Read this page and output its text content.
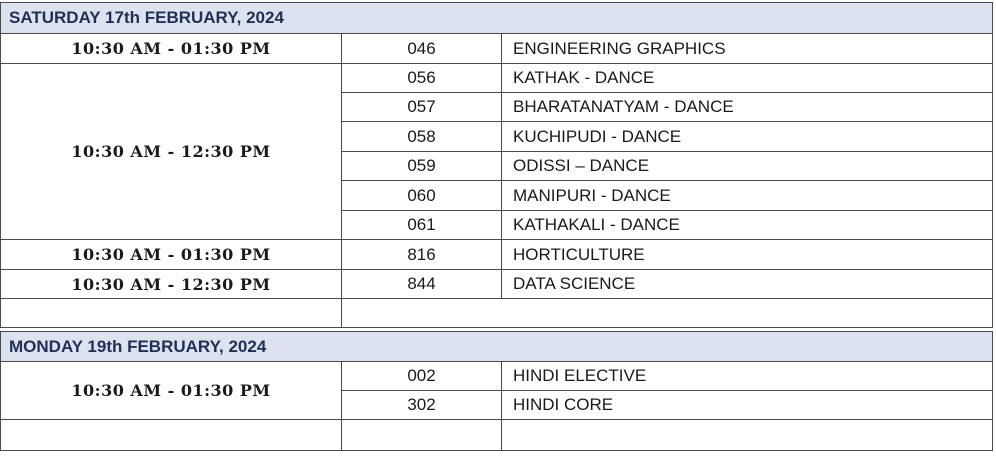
SATURDAY 17th FEBRUARY, 2024		
10:30 AM - 01:30 PM	046	ENGINEERING GRAPHICS
10:30 AM - 12:30 PM	056	KATHAK - DANCE
	057	BHARATANATYAM - DANCE
	058	KUCHIPUDI - DANCE
	059	ODISSI – DANCE
	060	MANIPURI - DANCE
	061	KATHAKALI - DANCE
10:30 AM - 01:30 PM	816	HORTICULTURE
10:30 AM - 12:30 PM	844	DATA SCIENCE

MONDAY 19th FEBRUARY, 2024		
10:30 AM - 01:30 PM	002	HINDI ELECTIVE
	302	HINDI CORE
